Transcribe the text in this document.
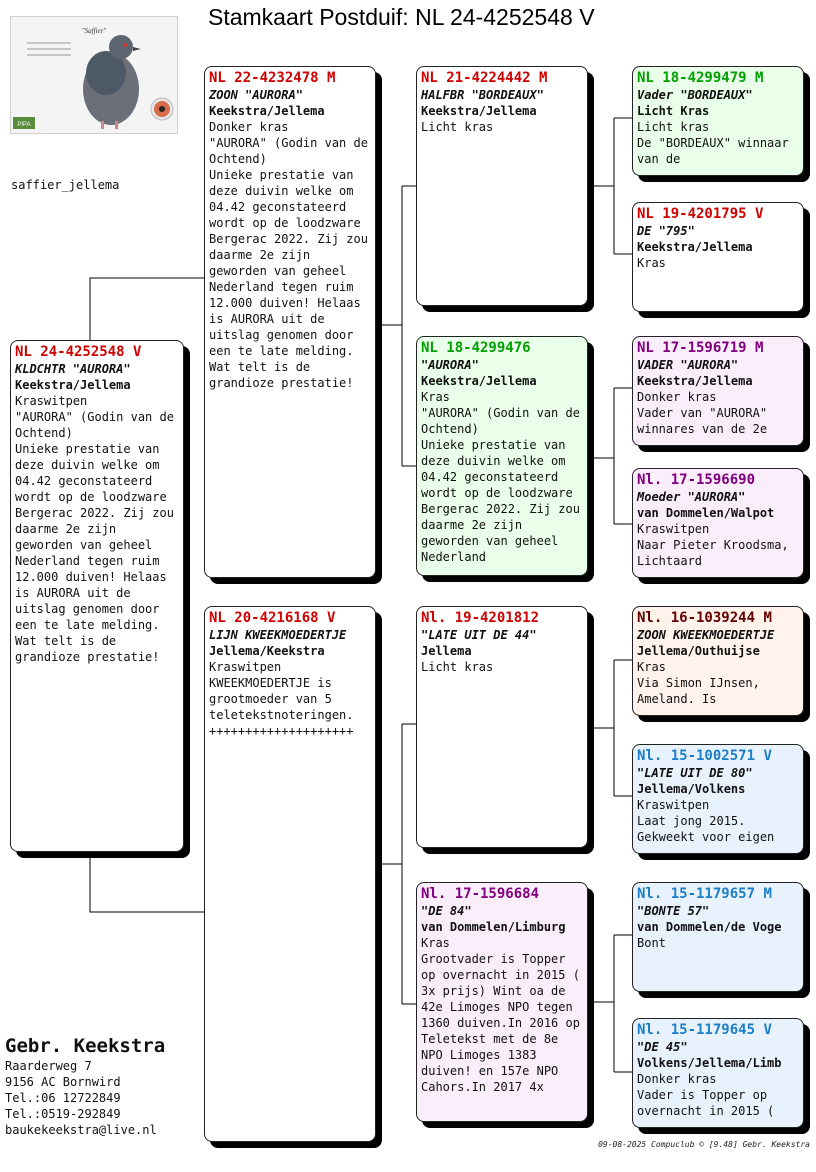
Stamkaart Postduif: NL 24-4252548 V
"Saffier"
PIPA
saffier_jellema
NL 24-4252548 V
KLDCHTR "AURORA"
Keekstra/Jellema
Kraswitpen
"AURORA" (Godin van de Ochtend)
Unieke prestatie van deze duivin welke om 04.42 geconstateerd wordt op de loodzware Bergerac 2022. Zij zou daarme 2e zijn geworden van geheel Nederland tegen ruim 12.000 duiven! Helaas is AURORA uit de uitslag genomen door een te late melding. Wat telt is de grandioze prestatie!
NL 22-4232478 M
ZOON "AURORA"
Keekstra/Jellema
Donker kras
"AURORA" (Godin van de Ochtend)
Unieke prestatie van deze duivin welke om 04.42 geconstateerd wordt op de loodzware Bergerac 2022. Zij zou daarme 2e zijn geworden van geheel Nederland tegen ruim 12.000 duiven! Helaas is AURORA uit de uitslag genomen door een te late melding. Wat telt is de grandioze prestatie!
NL 20-4216168 V
LIJN KWEEKMOEDERTJE
Jellema/Keekstra
Kraswitpen
KWEEKMOEDERTJE is grootmoeder van 5 teletekstnoteringen.
++++++++++++++++++++
NL 21-4224442 M
HALFBR "BORDEAUX"
Keekstra/Jellema
Licht kras
NL 18-4299476
"AURORA"
Keekstra/Jellema
Kras
"AURORA" (Godin van de Ochtend)
Unieke prestatie van deze duivin welke om 04.42 geconstateerd wordt op de loodzware Bergerac 2022. Zij zou daarme 2e zijn geworden van geheel Nederland
Nl. 19-4201812
"LATE UIT DE 44"
Jellema
Licht kras
Nl. 17-1596684
"DE 84"
van Dommelen/Limburg
Kras
Grootvader is Topper op overnacht in 2015 ( 3x prijs) Wint oa de 42e Limoges NPO tegen 1360 duiven.In 2016 op Teletekst met de 8e NPO Limoges 1383 duiven! en 157e NPO Cahors.In 2017 4x
NL 18-4299479 M
Vader "BORDEAUX"
Licht Kras
Licht kras
De "BORDEAUX" winnaar van de
NL 19-4201795 V
DE "795"
Keekstra/Jellema
Kras
NL 17-1596719 M
VADER "AURORA"
Keekstra/Jellema
Donker kras
Vader van "AURORA" winnares van de 2e
Nl. 17-1596690
Moeder "AURORA"
van Dommelen/Walpot
Kraswitpen
Naar Pieter Kroodsma, Lichtaard
Nl. 16-1039244 M
ZOON KWEEKMOEDERTJE
Jellema/Outhuijse
Kras
Via Simon IJnsen, Ameland. Is
Nl. 15-1002571 V
"LATE UIT DE 80"
Jellema/Volkens
Kraswitpen
Laat jong 2015. Gekweekt voor eigen
Nl. 15-1179657 M
"BONTE 57"
van Dommelen/de Voge
Bont
Nl. 15-1179645 V
"DE 45"
Volkens/Jellema/Limb
Donker kras
Vader is Topper op overnacht in 2015 (
Gebr. Keekstra
Raarderweg 7
9156 AC Bornwird
Tel.:06 12722849
Tel.:0519-292849
baukekeekstra@live.nl
09-08-2025 Compuclub © [9.48] Gebr. Keekstra
